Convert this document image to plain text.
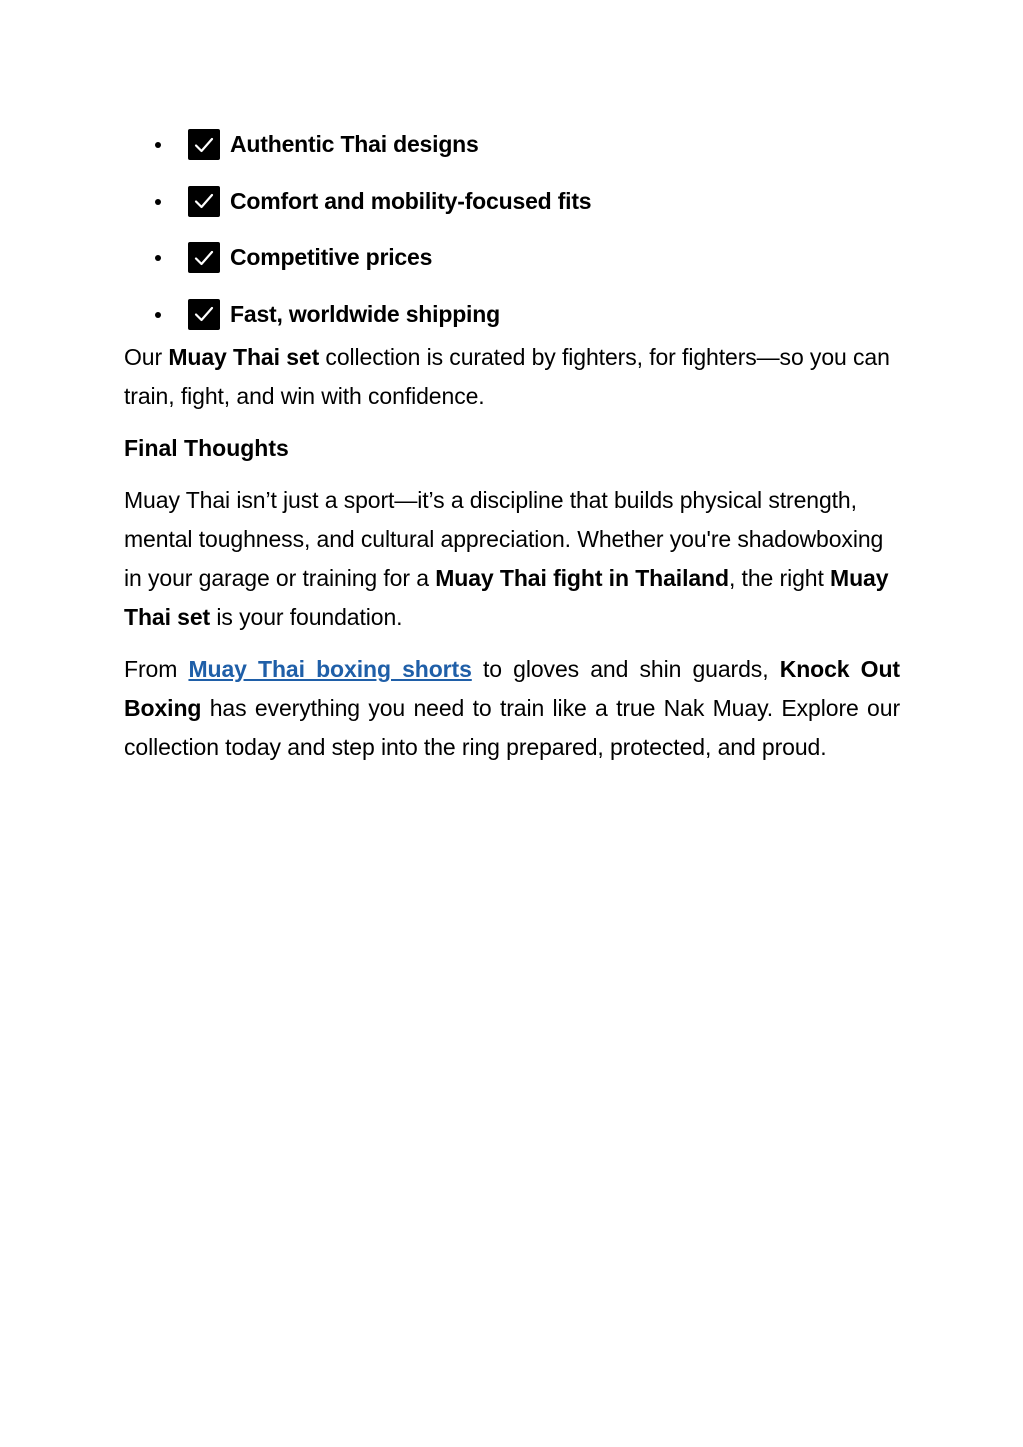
Authentic Thai designs
Comfort and mobility-focused fits
Competitive prices
Fast, worldwide shipping

Our Muay Thai set collection is curated by fighters, for fighters—so you can train, fight, and win with confidence.

Final Thoughts

Muay Thai isn’t just a sport—it’s a discipline that builds physical strength, mental toughness, and cultural appreciation. Whether you're shadowboxing in your garage or training for a Muay Thai fight in Thailand, the right Muay Thai set is your foundation.

From Muay Thai boxing shorts to gloves and shin guards, Knock Out Boxing has everything you need to train like a true Nak Muay. Explore our collection today and step into the ring prepared, protected, and proud.
